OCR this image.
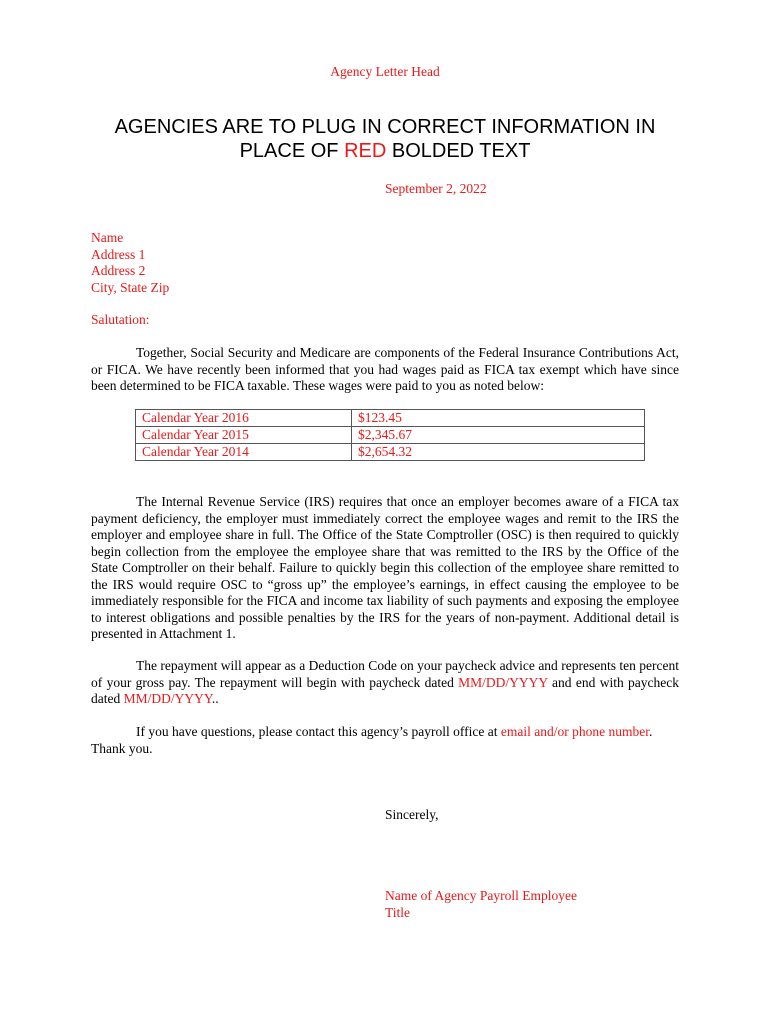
Agency Letter Head
AGENCIES ARE TO PLUG IN CORRECT INFORMATION IN
PLACE OF RED BOLDED TEXT
September 2, 2022
Name
Address 1
Address 2
City, State Zip
Salutation:
Together, Social Security and Medicare are components of the Federal Insurance Contributions Act, or FICA. We have recently been informed that you had wages paid as FICA tax exempt which have since been determined to be FICA taxable. These wages were paid to you as noted below:
Calendar Year 2016	$123.45
Calendar Year 2015	$2,345.67
Calendar Year 2014	$2,654.32
The Internal Revenue Service (IRS) requires that once an employer becomes aware of a FICA tax payment deficiency, the employer must immediately correct the employee wages and remit to the IRS the employer and employee share in full. The Office of the State Comptroller (OSC) is then required to quickly begin collection from the employee the employee share that was remitted to the IRS by the Office of the State Comptroller on their behalf. Failure to quickly begin this collection of the employee share remitted to the IRS would require OSC to “gross up” the employee’s earnings, in effect causing the employee to be immediately responsible for the FICA and income tax liability of such payments and exposing the employee to interest obligations and possible penalties by the IRS for the years of non-payment. Additional detail is presented in Attachment 1.
The repayment will appear as a Deduction Code on your paycheck advice and represents ten percent of your gross pay. The repayment will begin with paycheck dated MM/DD/YYYY and end with paycheck dated MM/DD/YYYY..
If you have questions, please contact this agency’s payroll office at email and/or phone number. Thank you.
Sincerely,
Name of Agency Payroll Employee
Title
